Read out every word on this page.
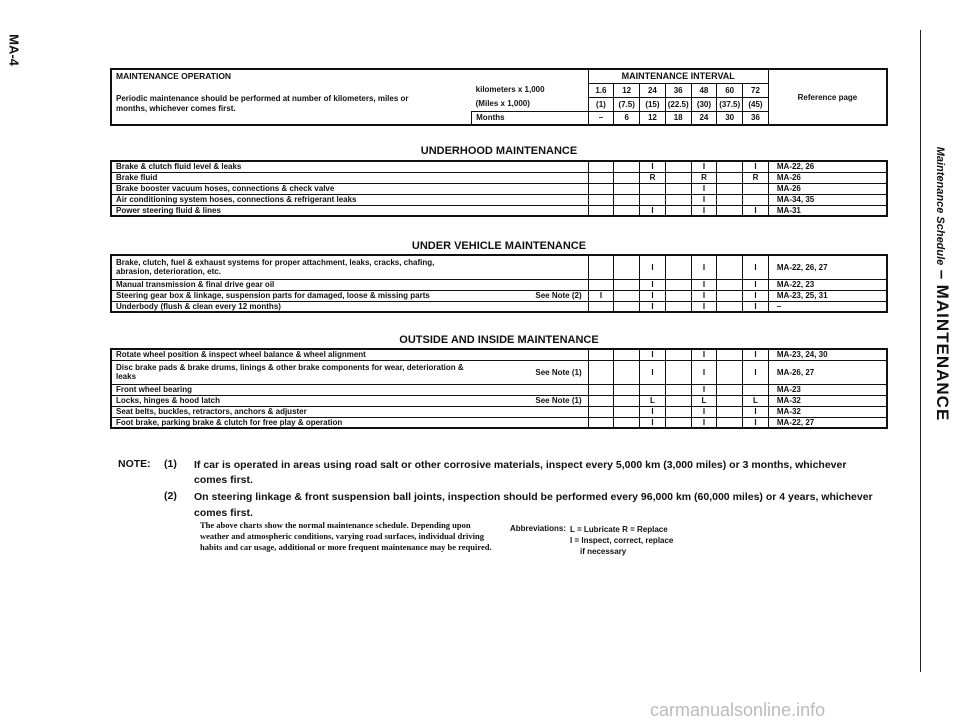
MA-4
Maintenance Schedule – MAINTENANCE
MAINTENANCE OPERATION		MAINTENANCE INTERVAL							Reference page
Periodic maintenance should be performed at number of kilometers, miles or months, whichever comes first.	kilometers x 1,000	1.6	12	24	36	48	60	72	
	(Miles x 1,000)	(1)	(7.5)	(15)	(22.5)	(30)	(37.5)	(45)	
	Months	–	6	12	18	24	30	36	
UNDERHOOD MAINTENANCE
Brake & clutch fluid level & leaks				I		I		I	MA-22, 26
Brake fluid				R		R		R	MA-26
Brake booster vacuum hoses, connections & check valve						I			MA-26
Air conditioning system hoses, connections & refrigerant leaks						I			MA-34, 35
Power steering fluid & lines				I		I		I	MA-31
UNDER VEHICLE MAINTENANCE
Brake, clutch, fuel & exhaust systems for proper attachment, leaks, cracks, chafing, abrasion, deterioration, etc.				I		I		I	MA-22, 26, 27
Manual transmission & final drive gear oil				I		I		I	MA-22, 23
Steering gear box & linkage, suspension parts for damaged, loose & missing parts	See Note (2)	I		I		I		I	MA-23, 25, 31
Underbody (flush & clean every 12 months)				I		I		I	–
OUTSIDE AND INSIDE MAINTENANCE
Rotate wheel position & inspect wheel balance & wheel alignment				I		I		I	MA-23, 24, 30
Disc brake pads & brake drums, linings & other brake components for wear, deterioration & leaks	See Note (1)			I		I		I	MA-26, 27
Front wheel bearing						I			MA-23
Locks, hinges & hood latch	See Note (1)			L		L		L	MA-32
Seat belts, buckles, retractors, anchors & adjuster				I		I		I	MA-32
Foot brake, parking brake & clutch for free play & operation				I		I		I	MA-22, 27
NOTE:	(1)	If car is operated in areas using road salt or other corrosive materials, inspect every 5,000 km (3,000 miles) or 3 months, whichever comes first.
(2)	On steering linkage & front suspension ball joints, inspection should be performed every 96,000 km (60,000 miles) or 4 years, whichever comes first.
The above charts show the normal maintenance schedule. Depending upon weather and atmospheric conditions, varying road surfaces, individual driving habits and car usage, additional or more frequent maintenance may be required.
Abbreviations: L = Lubricate R = Replace
I = Inspect, correct, replace
if necessary
carmanualsonline.info
